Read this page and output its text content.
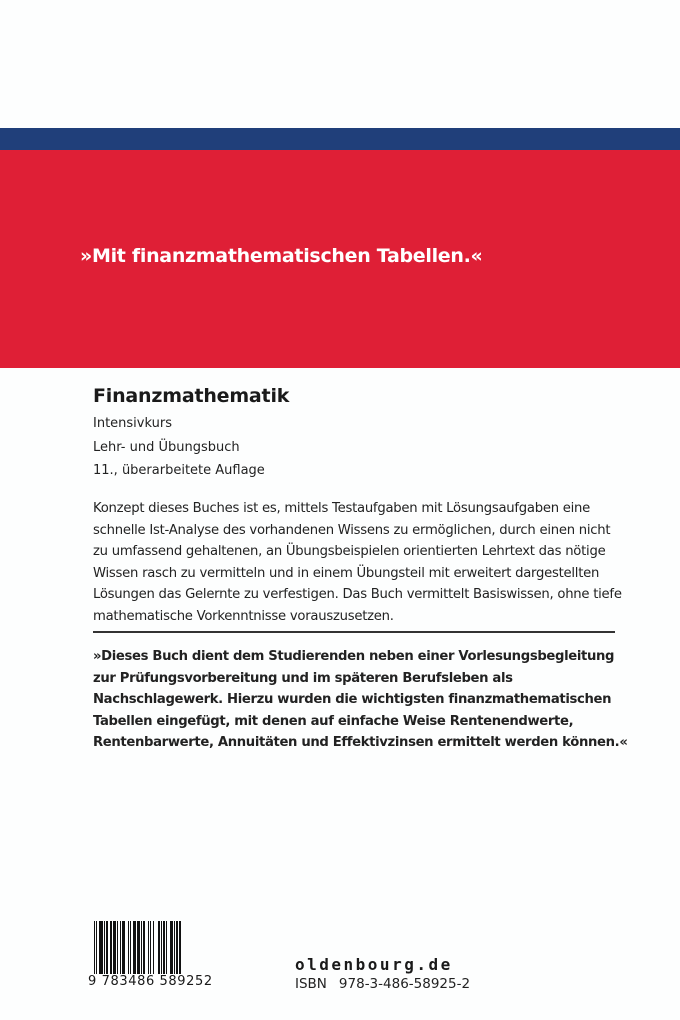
»Mit finanzmathematischen Tabellen.«
Finanzmathematik
Intensivkurs
Lehr- und Übungsbuch
11., überarbeitete Auflage
Konzept dieses Buches ist es, mittels Testaufgaben mit Lösungsaufgaben eine schnelle Ist-Analyse des vorhandenen Wissens zu ermöglichen, durch einen nicht zu umfassend gehaltenen, an Übungsbeispielen orientierten Lehrtext das nötige Wissen rasch zu vermitteln und in einem Übungsteil mit erweitert dargestellten Lösungen das Gelernte zu verfestigen. Das Buch vermittelt Basiswissen, ohne tiefe mathematische Vorkenntnisse vorauszusetzen.
»Dieses Buch dient dem Studierenden neben einer Vorlesungsbegleitung zur Prüfungsvorbereitung und im späteren Berufsleben als Nachschlagewerk. Hierzu wurden die wichtigsten finanzmathematischen Tabellen eingefügt, mit denen auf einfache Weise Rentenendwerte, Rentenbarwerte, Annuitäten und Effektivzinsen ermittelt werden können.«
9 783486 589252
oldenbourg.de
ISBN 978-3-486-58925-2
